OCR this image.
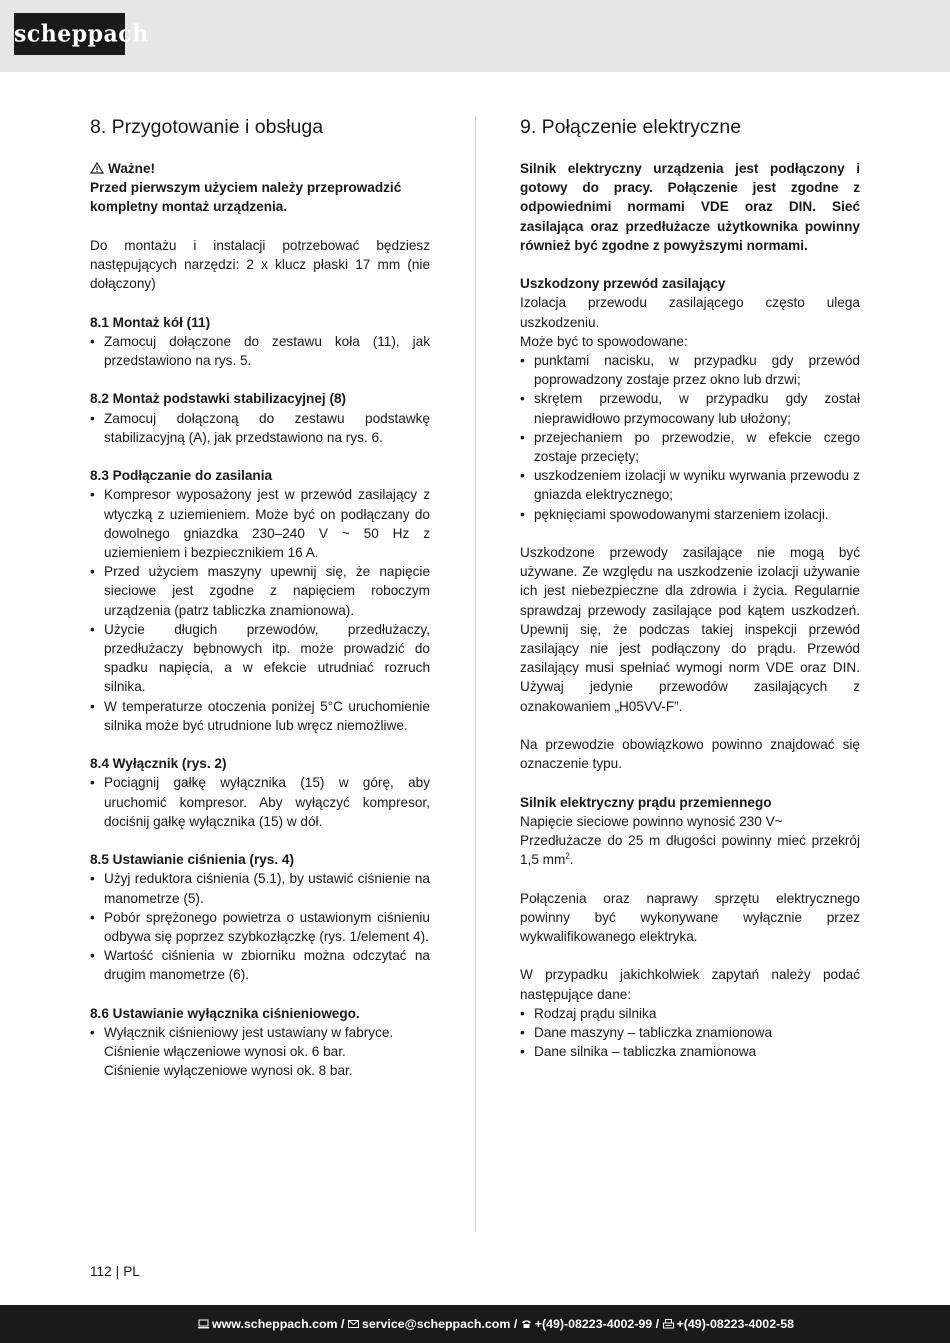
scheppach
8. Przygotowanie i obsługa

Ważne!

Przed pierwszym użyciem należy przeprowadzić kompletny montaż urządzenia.

Do montażu i instalacji potrzebować będziesz następujących narzędzi: 2 x klucz płaski 17 mm (nie dołączony)

8.1 Montaż kół (11)

• Zamocuj dołączone do zestawu koła (11), jak przedstawiono na rys. 5.

8.2 Montaż podstawki stabilizacyjnej (8)

• Zamocuj dołączoną do zestawu podstawkę stabilizacyjną (A), jak przedstawiono na rys. 6.

8.3 Podłączanie do zasilania

• Kompresor wyposażony jest w przewód zasilający z wtyczką z uziemieniem. Może być on podłączany do dowolnego gniazdka 230–240 V ~ 50 Hz z uziemieniem i bezpiecznikiem 16 A.
• Przed użyciem maszyny upewnij się, że napięcie sieciowe jest zgodne z napięciem roboczym urządzenia (patrz tabliczka znamionowa).
• Użycie długich przewodów, przedłużaczy, przedłużaczy bębnowych itp. może prowadzić do spadku napięcia, a w efekcie utrudniać rozruch silnika.
• W temperaturze otoczenia poniżej 5°C uruchomienie silnika może być utrudnione lub wręcz niemożliwe.

8.4 Wyłącznik (rys. 2)

• Pociągnij gałkę wyłącznika (15) w górę, aby uruchomić kompresor. Aby wyłączyć kompresor, dociśnij gałkę wyłącznika (15) w dół.

8.5 Ustawianie ciśnienia (rys. 4)

• Użyj reduktora ciśnienia (5.1), by ustawić ciśnienie na manometrze (5).
• Pobór sprężonego powietrza o ustawionym ciśnieniu odbywa się poprzez szybkozłączkę (rys. 1/element 4).
• Wartość ciśnienia w zbiorniku można odczytać na drugim manometrze (6).

8.6 Ustawianie wyłącznika ciśnieniowego.

• Wyłącznik ciśnieniowy jest ustawiany w fabryce.
Ciśnienie włączeniowe wynosi ok. 6 bar.
Ciśnienie wyłączeniowe wynosi ok. 8 bar.
9. Połączenie elektryczne

Silnik elektryczny urządzenia jest podłączony i gotowy do pracy. Połączenie jest zgodne z odpowiednimi normami VDE oraz DIN. Sieć zasilająca oraz przedłużacze użytkownika powinny również być zgodne z powyższymi normami.

Uszkodzony przewód zasilający

Izolacja przewodu zasilającego często ulega uszkodzeniu.

Może być to spowodowane:

• punktami nacisku, w przypadku gdy przewód poprowadzony zostaje przez okno lub drzwi;
• skrętem przewodu, w przypadku gdy został nieprawidłowo przymocowany lub ułożony;
• przejechaniem po przewodzie, w efekcie czego zostaje przecięty;
• uszkodzeniem izolacji w wyniku wyrwania przewodu z gniazda elektrycznego;
• pęknięciami spowodowanymi starzeniem izolacji.

Uszkodzone przewody zasilające nie mogą być używane. Ze względu na uszkodzenie izolacji używanie ich jest niebezpieczne dla zdrowia i życia. Regularnie sprawdzaj przewody zasilające pod kątem uszkodzeń. Upewnij się, że podczas takiej inspekcji przewód zasilający nie jest podłączony do prądu. Przewód zasilający musi spełniać wymogi norm VDE oraz DIN. Używaj jedynie przewodów zasilających z oznakowaniem „H05VV-F”.

Na przewodzie obowiązkowo powinno znajdować się oznaczenie typu.

Silnik elektryczny prądu przemiennego

Napięcie sieciowe powinno wynosić 230 V~

Przedłużacze do 25 m długości powinny mieć przekrój 1,5 $mm^2$.

Połączenia oraz naprawy sprzętu elektrycznego powinny być wykonywane wyłącznie przez wykwalifikowanego elektryka.

W przypadku jakichkolwiek zapytań należy podać następujące dane:

• Rodzaj prądu silnika
• Dane maszyny – tabliczka znamionowa
• Dane silnika – tabliczka znamionowa
112 | PL
www.scheppach.com / service@scheppach.com / +(49)-08223-4002-99 / +(49)-08223-4002-58
